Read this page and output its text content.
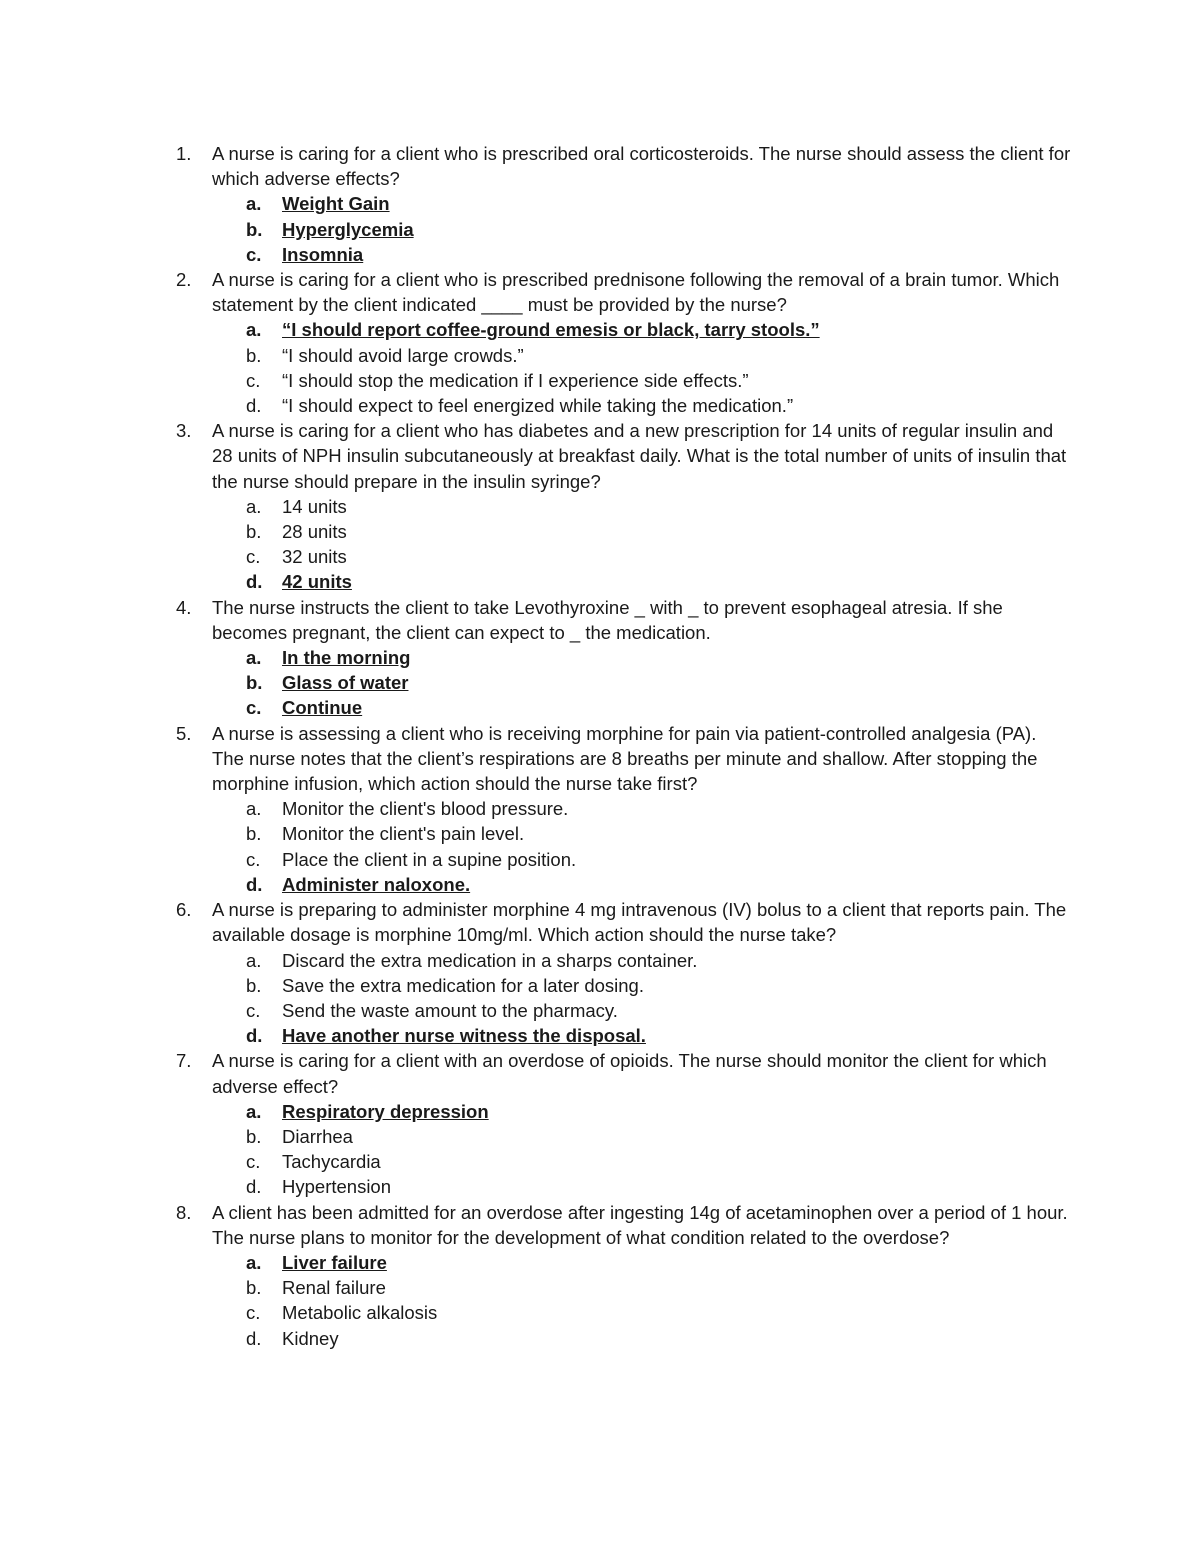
1. A nurse is caring for a client who is prescribed oral corticosteroids. The nurse should assess the client for which adverse effects?
a. Weight Gain
b. Hyperglycemia
c. Insomnia
2. A nurse is caring for a client who is prescribed prednisone following the removal of a brain tumor. Which statement by the client indicated ____ must be provided by the nurse?
a. “I should report coffee-ground emesis or black, tarry stools.”
b. “I should avoid large crowds.”
c. “I should stop the medication if I experience side effects.”
d. “I should expect to feel energized while taking the medication.”
3. A nurse is caring for a client who has diabetes and a new prescription for 14 units of regular insulin and 28 units of NPH insulin subcutaneously at breakfast daily. What is the total number of units of insulin that the nurse should prepare in the insulin syringe?
a. 14 units
b. 28 units
c. 32 units
d. 42 units
4. The nurse instructs the client to take Levothyroxine _ with _ to prevent esophageal atresia. If she becomes pregnant, the client can expect to _ the medication.
a. In the morning
b. Glass of water
c. Continue
5. A nurse is assessing a client who is receiving morphine for pain via patient-controlled analgesia (PA). The nurse notes that the client’s respirations are 8 breaths per minute and shallow. After stopping the morphine infusion, which action should the nurse take first?
a. Monitor the client's blood pressure.
b. Monitor the client's pain level.
c. Place the client in a supine position.
d. Administer naloxone.
6. A nurse is preparing to administer morphine 4 mg intravenous (IV) bolus to a client that reports pain. The available dosage is morphine 10mg/ml. Which action should the nurse take?
a. Discard the extra medication in a sharps container.
b. Save the extra medication for a later dosing.
c. Send the waste amount to the pharmacy.
d. Have another nurse witness the disposal.
7. A nurse is caring for a client with an overdose of opioids. The nurse should monitor the client for which adverse effect?
a. Respiratory depression
b. Diarrhea
c. Tachycardia
d. Hypertension
8. A client has been admitted for an overdose after ingesting 14g of acetaminophen over a period of 1 hour. The nurse plans to monitor for the development of what condition related to the overdose?
a. Liver failure
b. Renal failure
c. Metabolic alkalosis
d. Kidney
